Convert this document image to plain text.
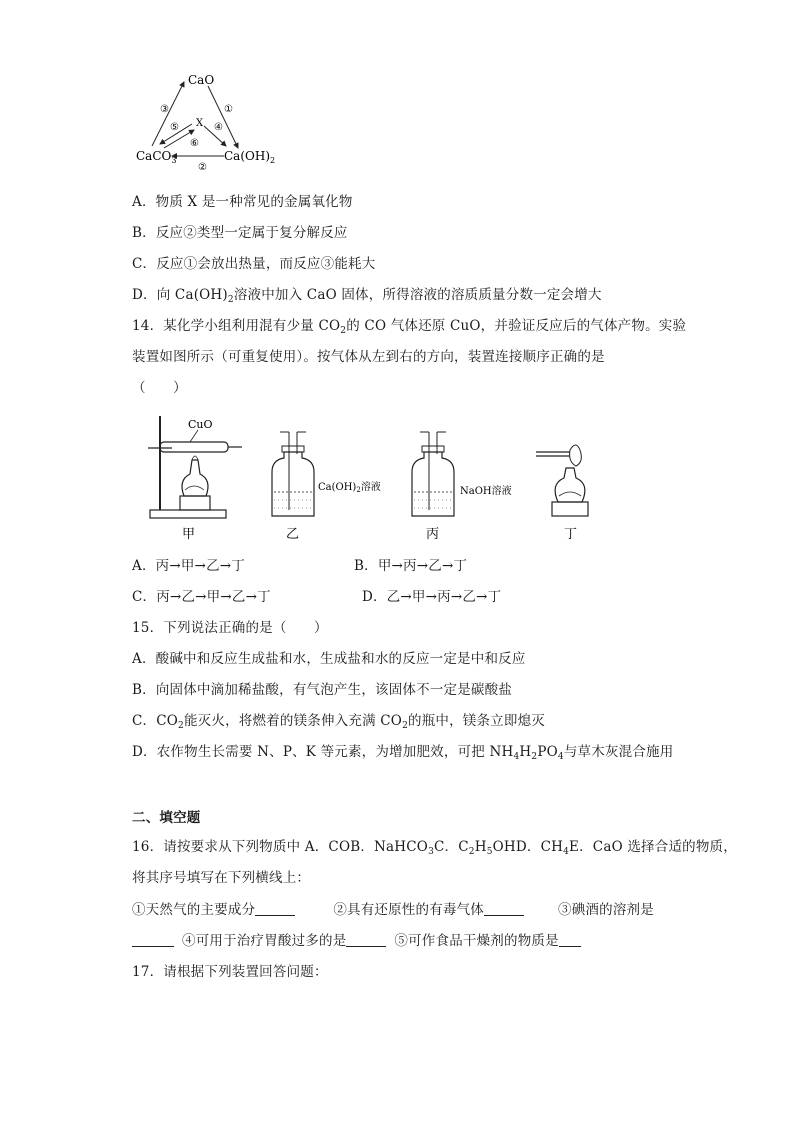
CaO
X
CaCO$_3$	$Ca(OH)_2$
③	①
⑤	④
⑥
②
A．物质 X 是一种常见的金属氧化物
B．反应②类型一定属于复分解反应
C．反应①会放出热量，而反应③能耗大
D．向 $Ca(OH)_2$溶液中加入 CaO 固体，所得溶液的溶质质量分数一定会增大
14．某化学小组利用混有少量 $CO_2$的 CO 气体还原 CuO，并验证反应后的气体产物。实验
装置如图所示（可重复使用）。按气体从左到右的方向，装置连接顺序正确的是
（　　）
CuO
甲
$Ca(OH)_2$溶液
乙
NaOH溶液
丙	丁
A．丙→甲→乙→丁	B．甲→丙→乙→丁
C．丙→乙→甲→乙→丁	D．乙→甲→丙→乙→丁
15．下列说法正确的是（　　）
A．酸碱中和反应生成盐和水，生成盐和水的反应一定是中和反应
B．向固体中滴加稀盐酸，有气泡产生，该固体不一定是碳酸盐
C．$CO_2$能灭火，将燃着的镁条伸入充满 $CO_2$的瓶中，镁条立即熄灭
D．农作物生长需要 N、P、K 等元素，为增加肥效，可把 $NH_4H_2PO_4$与草木灰混合施用
二、填空题
16．请按要求从下列物质中 A．COB．NaHCO$_3$C．$C_2H_5OHD$．$CH_4E$．CaO 选择合适的物质，
将其序号填写在下列横线上：
①天然气的主要成分	②具有还原性的有毒气体	③碘酒的溶剂是
④可用于治疗胃酸过多的是	⑤可作食品干燥剂的物质是
17．请根据下列装置回答问题：
